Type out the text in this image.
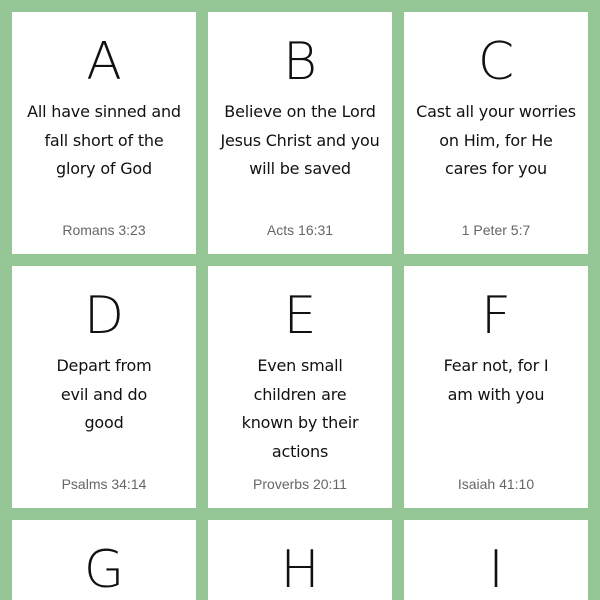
A
All have sinned and fall short of the glory of God
Romans 3:23
B
Believe on the Lord Jesus Christ and you will be saved
Acts 16:31
C
Cast all your worries on Him, for He cares for you
1 Peter 5:7
D
Depart from evil and do good
Psalms 34:14
E
Even small children are known by their actions
Proverbs 20:11
F
Fear not, for I am with you
Isaiah 41:10
G	H	I
